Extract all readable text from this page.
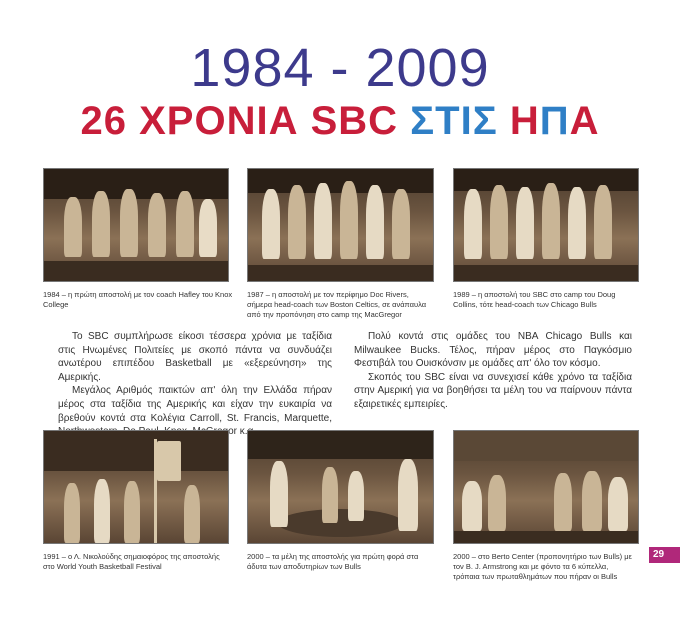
1984 - 2009
26 ΧΡΟΝΙΑ SBC ΣΤΙΣ ΗΠΑ
1984 – η πρώτη αποστολή με τον coach Hafley του Knox College
1987 – η αποστολή με τον περίφημο Doc Rivers, σήμερα head-coach των Boston Celtics, σε ανάπαυλα από την προπόνηση στο camp της MacGregor
1989 – η αποστολή του SBC στο camp του Doug Collins, τότε head-coach των Chicago Bulls

Το SBC συμπλήρωσε είκοσι τέσσερα χρόνια με ταξίδια στις Ηνωμένες Πολιτείες με σκοπό πάντα να συνδυάζει ανωτέρου επιπέδου Basketball με «εξερεύνηση» της Αμερικής.

Μεγάλος Αριθμός παικτών απ' όλη την Ελλάδα πήραν μέρος στα ταξίδια της Αμερικής και είχαν την ευκαιρία να βρεθούν κοντά στα Κολέγια Carroll, St. Francis, Marquette,

Πολύ κοντά στις ομάδες του NBA Chicago Bulls και Milwaukee Bucks. Τέλος, πήραν μέρος στο Παγκόσμιο Φεστιβάλ του Ουισκόνσιν με ομάδες απ' όλο τον κόσμο.

Σκοπός του SBC είναι να συνεχισεί κάθε χρόνο τα ταξίδια στην Αμερική για να βοηθήσει τα μέλη του να παίρνουν πάντα εξαιρετικές εμπειρίες.

1991 – ο Λ. Νικολούδης σημαιοφόρος της αποστολής στο World Youth Basketball Festival
2000 – τα μέλη της αποστολής για πρώτη φορά στα άδυτα των αποδυτηρίων των Bulls
2000 – στο Berto Center (προπονητήριο των Bulls) με τον B. J. Armstrong και με φόντο τα 6 κύπελλα, τρόπαια των πρωταθλημάτων που πήραν οι Bulls
29
